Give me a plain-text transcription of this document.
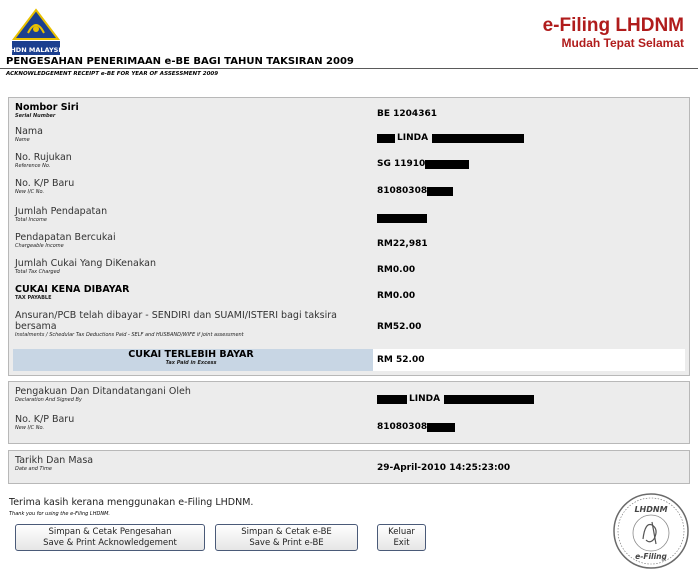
LHDN MALAYSIA
e-Filing LHDNM
Mudah Tepat Selamat
PENGESAHAN PENERIMAAN e-BE BAGI TAHUN TAKSIRAN 2009
ACKNOWLEDGEMENT RECEIPT e-BE FOR YEAR OF ASSESSMENT 2009
Nombor Siri
Serial Number	BE 1204361
Nama
Name	LINDA
No. Rujukan
Reference No.	SG 11910
No. K/P Baru
New I/C No.	81080308
Jumlah Pendapatan
Total Income
Pendapatan Bercukai
Chargeable Income	RM22,981
Jumlah Cukai Yang DiKenakan
Total Tax Charged	RM0.00
CUKAI KENA DIBAYAR
TAX PAYABLE	RM0.00
Ansuran/PCB telah dibayar - SENDIRI dan SUAMI/ISTERI bagi taksira bersama
Instalments / Schedular Tax Deductions Paid - SELF and HUSBAND/WIFE if joint assessment
RM52.00
CUKAI TERLEBIH BAYAR
Tax Paid in Excess	RM 52.00
Pengakuan Dan Ditandatangani Oleh
Declaration And Signed By	LINDA
No. K/P Baru
New I/C No.	81080308
Tarikh Dan Masa
Date and Time	29-April-2010 14:25:23:00
Terima kasih kerana menggunakan e-Filing LHDNM.
Thank you for using the e-Filing LHDNM.
Simpan & Cetak Pengesahan
Save & Print Acknowledgement
Simpan & Cetak e-BE
Save & Print e-BE
Keluar
Exit
LHDNM
e-Filing
